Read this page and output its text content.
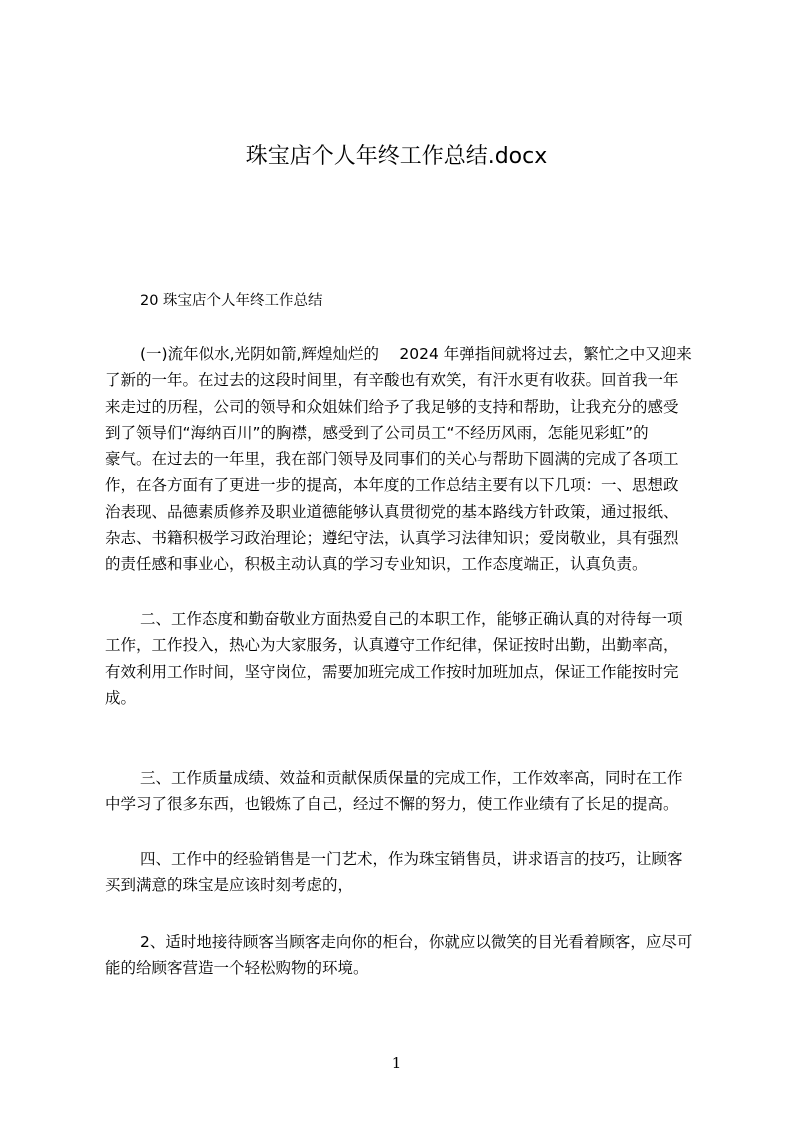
珠宝店个人年终工作总结.docx
20 珠宝店个人年终工作总结
(一)流年似水,光阴如箭,辉煌灿烂的　 2024 年弹指间就将过去，繁忙之中又迎来
了新的一年。在过去的这段时间里，有辛酸也有欢笑，有汗水更有收获。回首我一年
来走过的历程，公司的领导和众姐妹们给予了我足够的支持和帮助，让我充分的感受
到了领导们“海纳百川”的胸襟，感受到了公司员工“不经历风雨，怎能见彩虹”的
豪气。在过去的一年里，我在部门领导及同事们的关心与帮助下圆满的完成了各项工
作，在各方面有了更进一步的提高，本年度的工作总结主要有以下几项：一、思想政
治表现、品德素质修养及职业道德能够认真贯彻党的基本路线方针政策，通过报纸、
杂志、书籍积极学习政治理论；遵纪守法，认真学习法律知识；爱岗敬业，具有强烈
的责任感和事业心，积极主动认真的学习专业知识，工作态度端正，认真负责。
二、工作态度和勤奋敬业方面热爱自己的本职工作，能够正确认真的对待每一项
工作，工作投入，热心为大家服务，认真遵守工作纪律，保证按时出勤，出勤率高，
有效利用工作时间，坚守岗位，需要加班完成工作按时加班加点，保证工作能按时完
成。
三、工作质量成绩、效益和贡献保质保量的完成工作，工作效率高，同时在工作
中学习了很多东西，也锻炼了自己，经过不懈的努力，使工作业绩有了长足的提高。
四、工作中的经验销售是一门艺术，作为珠宝销售员，讲求语言的技巧，让顾客
买到满意的珠宝是应该时刻考虑的，
2、适时地接待顾客当顾客走向你的柜台，你就应以微笑的目光看着顾客，应尽可
能的给顾客营造一个轻松购物的环境。
1
